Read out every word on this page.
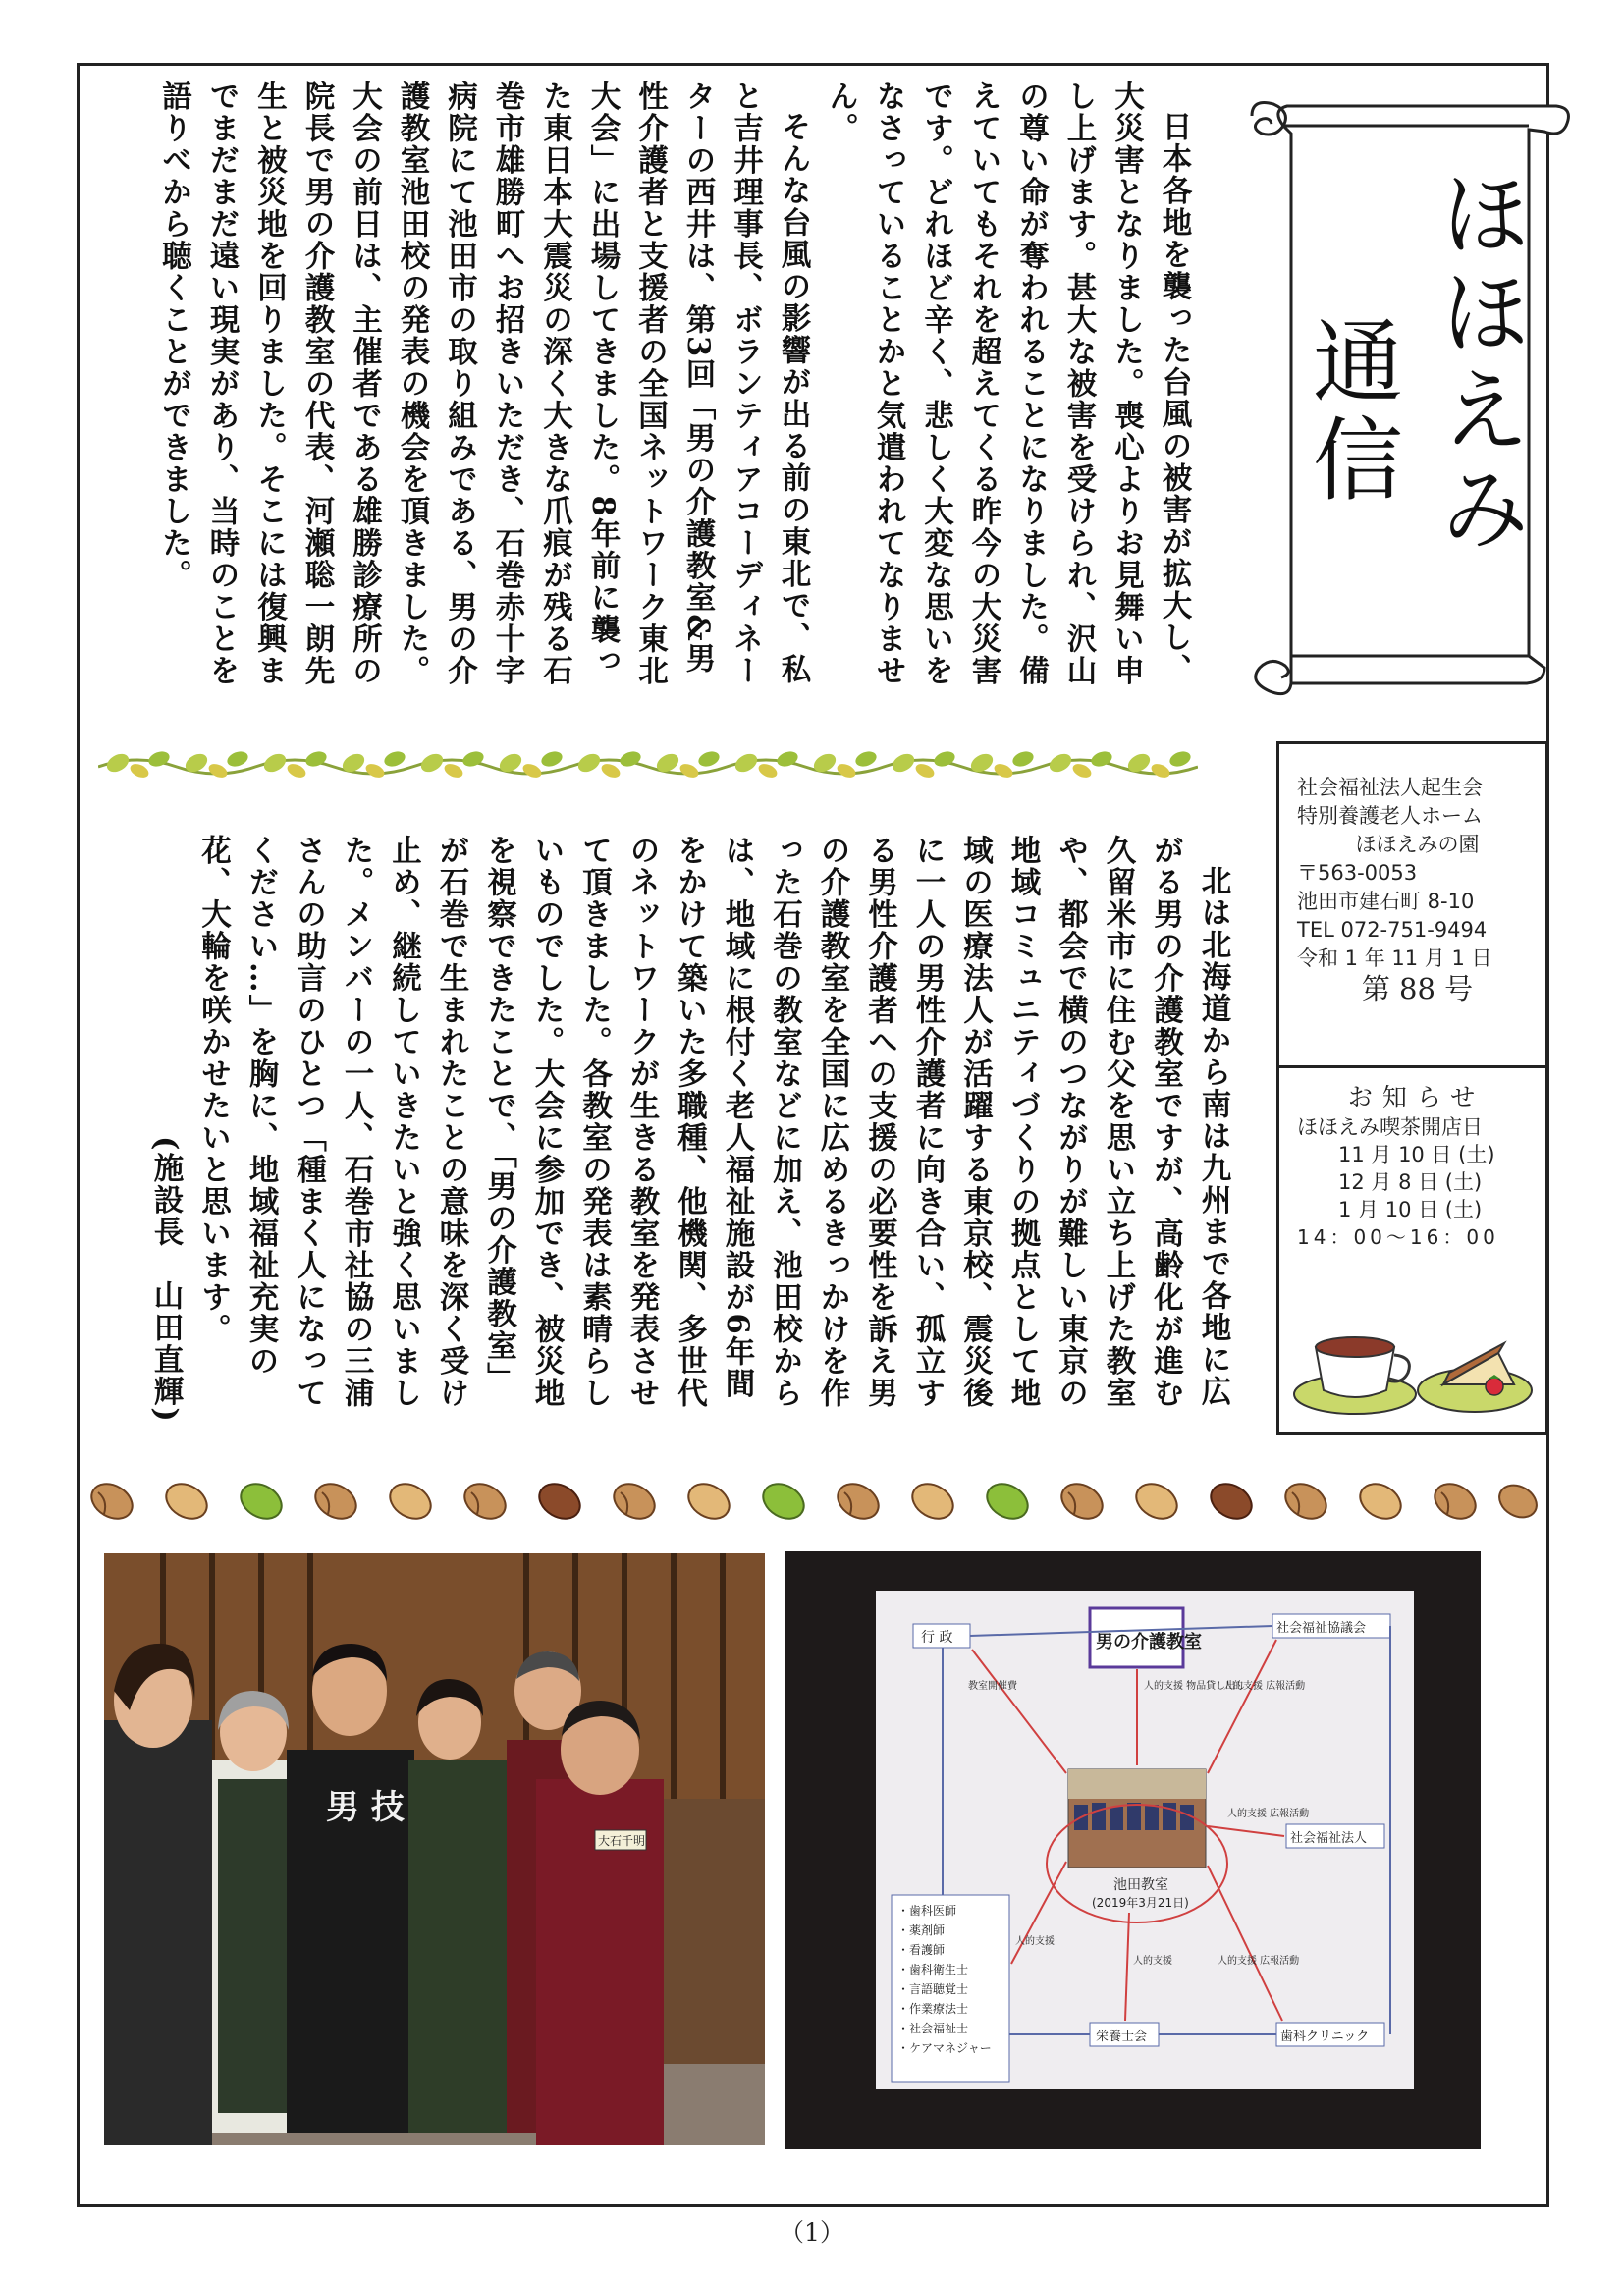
日本各地を襲った台風の被害が拡大し、大災害となりました。喪心よりお見舞い申し上げます。甚大な被害を受けられ、沢山の尊い命が奪われることになりました。備えていてもそれを超えてくる昨今の大災害です。どれほど辛く、悲しく大変な思いをなさっていることかと気遣われてなりません。

そんな台風の影響が出る前の東北で、私と吉井理事長、ボランティアコーディネーターの西井は、第3回「男の介護教室&男性介護者と支援者の全国ネットワーク東北大会」に出場してきました。8年前に襲った東日本大震災の深く大きな爪痕が残る石巻市雄勝町へお招きいただき、石巻赤十字病院にて池田市の取り組みである、男の介護教室池田校の発表の機会を頂きました。大会の前日は、主催者である雄勝診療所の院長で男の介護教室の代表、河瀬聡一朗先生と被災地を回りました。そこには復興までまだまだ遠い現実があり、当時のことを語りべから聴くことができました。	ほほえみ
通信

北は北海道から南は九州まで各地に広がる男の介護教室ですが、高齢化が進む久留米市に住む父を思い立ち上げた教室や、都会で横のつながりが難しい東京の地域コミュニティづくりの拠点として地域の医療法人が活躍する東京校、震災後に一人の男性介護者に向き合い、孤立する男性介護者への支援の必要性を訴え男の介護教室を全国に広めるきっかけを作った石巻の教室などに加え、池田校からは、地域に根付く老人福祉施設が6年間をかけて築いた多職種、他機関、多世代のネットワークが生きる教室を発表させて頂きました。各教室の発表は素晴らしいものでした。大会に参加でき、被災地を視察できたことで、「男の介護教室」が石巻で生まれたことの意味を深く受け止め、継続していきたいと強く思いました。メンバーの一人、石巻市社協の三浦さんの助言のひとつ「種まく人になってください…」を胸に、地域福祉充実の花、大輪を咲かせたいと思います。

(施設長　山田直輝)

社会福祉法人起生会
特別養護老人ホーム
ほほえみの園
〒563-0053
池田市建石町 8-10
TEL 072-751-9494
令和 1 年 11 月 1 日
第 88 号
お知らせ
ほほえみ喫茶開店日
11 月 10 日 (土)
12 月 8 日 (土)
1 月 10 日 (土)
14：00〜16：00
男 技
大石千明
男の介護教室
行 政
社会福祉協議会
社会福祉法人
歯科クリニック
栄養士会
池田教室
(2019年3月21日)
・歯科医師
・薬剤師
・看護師
・歯科衛生士
・言語聴覚士
・作業療法士
・社会福祉士
・ケアマネジャー
人的支援 物品貸し出し
教室開催費	人的支援 広報活動
人的支援 広報活動
人的支援 広報活動
人的支援
人的支援
（1）
